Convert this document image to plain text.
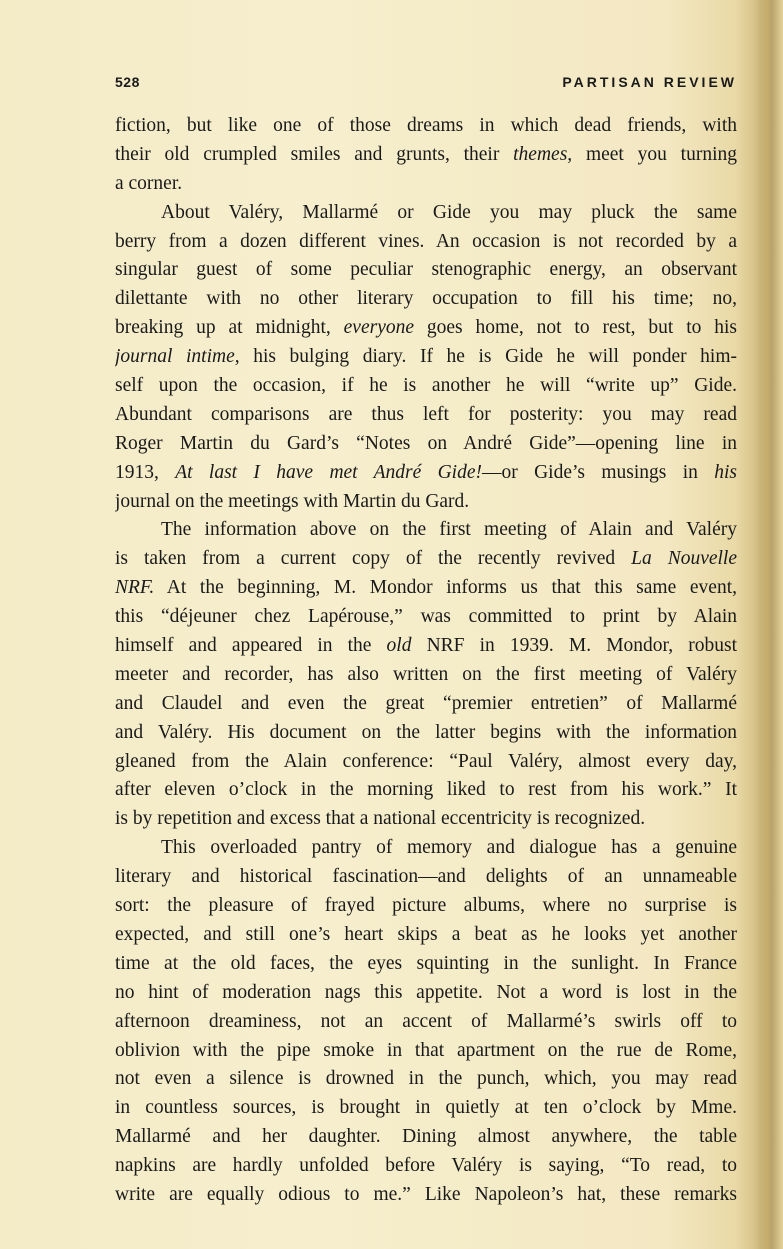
528	PARTISAN REVIEW
fiction, but like one of those dreams in which dead friends, with
their old crumpled smiles and grunts, their themes, meet you turning
a corner.
About Valéry, Mallarmé or Gide you may pluck the same
berry from a dozen different vines. An occasion is not recorded by a
singular guest of some peculiar stenographic energy, an observant
dilettante with no other literary occupation to fill his time; no,
breaking up at midnight, everyone goes home, not to rest, but to his
journal intime, his bulging diary. If he is Gide he will ponder him-
self upon the occasion, if he is another he will “write up” Gide.
Abundant comparisons are thus left for posterity: you may read
Roger Martin du Gard’s “Notes on André Gide”—opening line in
1913, At last I have met André Gide!—or Gide’s musings in his
journal on the meetings with Martin du Gard.
The information above on the first meeting of Alain and Valéry
is taken from a current copy of the recently revived La Nouvelle
NRF. At the beginning, M. Mondor informs us that this same event,
this “déjeuner chez Lapérouse,” was committed to print by Alain
himself and appeared in the old NRF in 1939. M. Mondor, robust
meeter and recorder, has also written on the first meeting of Valéry
and Claudel and even the great “premier entretien” of Mallarmé
and Valéry. His document on the latter begins with the information
gleaned from the Alain conference: “Paul Valéry, almost every day,
after eleven o’clock in the morning liked to rest from his work.” It
is by repetition and excess that a national eccentricity is recognized.
This overloaded pantry of memory and dialogue has a genuine
literary and historical fascination—and delights of an unnameable
sort: the pleasure of frayed picture albums, where no surprise is
expected, and still one’s heart skips a beat as he looks yet another
time at the old faces, the eyes squinting in the sunlight. In France
no hint of moderation nags this appetite. Not a word is lost in the
afternoon dreaminess, not an accent of Mallarmé’s swirls off to
oblivion with the pipe smoke in that apartment on the rue de Rome,
not even a silence is drowned in the punch, which, you may read
in countless sources, is brought in quietly at ten o’clock by Mme.
Mallarmé and her daughter. Dining almost anywhere, the table
napkins are hardly unfolded before Valéry is saying, “To read, to
write are equally odious to me.” Like Napoleon’s hat, these remarks
